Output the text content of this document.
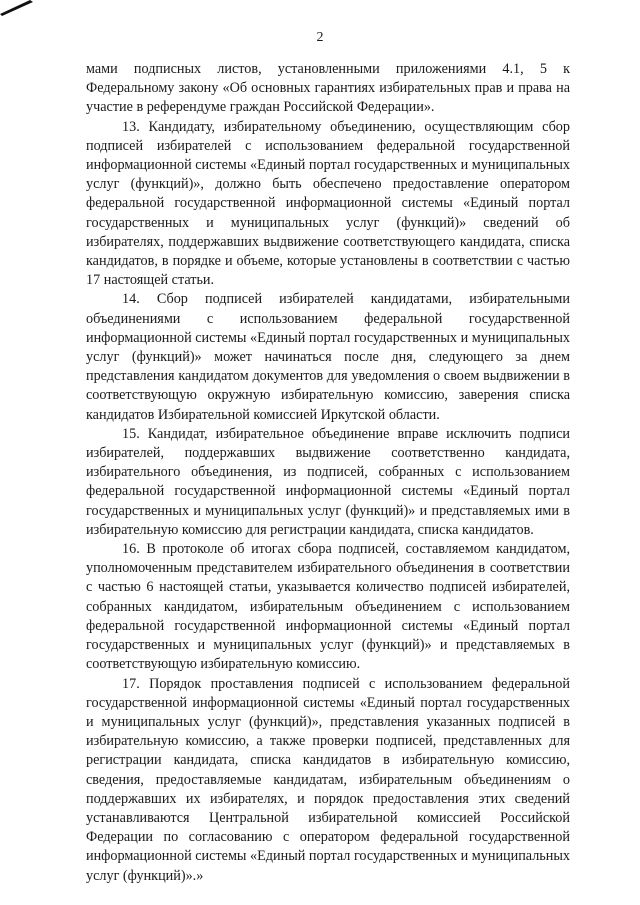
2

мами подписных листов, установленными приложениями 4.1, 5 к Федеральному закону «Об основных гарантиях избирательных прав и права на участие в референдуме граждан Российской Федерации».

13. Кандидату, избирательному объединению, осуществляющим сбор подписей избирателей с использованием федеральной государственной информационной системы «Единый портал государственных и муниципальных услуг (функций)», должно быть обеспечено предоставление оператором федеральной государственной информационной системы «Единый портал государственных и муниципальных услуг (функций)» сведений об избирателях, поддержавших выдвижение соответствующего кандидата, списка кандидатов, в порядке и объеме, которые установлены в соответствии с частью 17 настоящей статьи.

14. Сбор подписей избирателей кандидатами, избирательными объединениями с использованием федеральной государственной информационной системы «Единый портал государственных и муниципальных услуг (функций)» может начинаться после дня, следующего за днем представления кандидатом документов для уведомления о своем выдвижении в соответствующую окружную избирательную комиссию, заверения списка кандидатов Избирательной комиссией Иркутской области.

15. Кандидат, избирательное объединение вправе исключить подписи избирателей, поддержавших выдвижение соответственно кандидата, избирательного объединения, из подписей, собранных с использованием федеральной государственной информационной системы «Единый портал государственных и муниципальных услуг (функций)» и представляемых ими в избирательную комиссию для регистрации кандидата, списка кандидатов.

16. В протоколе об итогах сбора подписей, составляемом кандидатом, уполномоченным представителем избирательного объединения в соответствии с частью 6 настоящей статьи, указывается количество подписей избирателей, собранных кандидатом, избирательным объединением с использованием федеральной государственной информационной системы «Единый портал государственных и муниципальных услуг (функций)» и представляемых в соответствующую избирательную комиссию.

17. Порядок проставления подписей с использованием федеральной государственной информационной системы «Единый портал государственных и муниципальных услуг (функций)», представления указанных подписей в избирательную комиссию, а также проверки подписей, представленных для регистрации кандидата, списка кандидатов в избирательную комиссию, сведения, предоставляемые кандидатам, избирательным объединениям о поддержавших их избирателях, и порядок предоставления этих сведений устанавливаются Центральной избирательной комиссией Российской Федерации по согласованию с оператором федеральной государственной информационной системы «Единый портал государственных и муниципальных услуг (функций)».»
